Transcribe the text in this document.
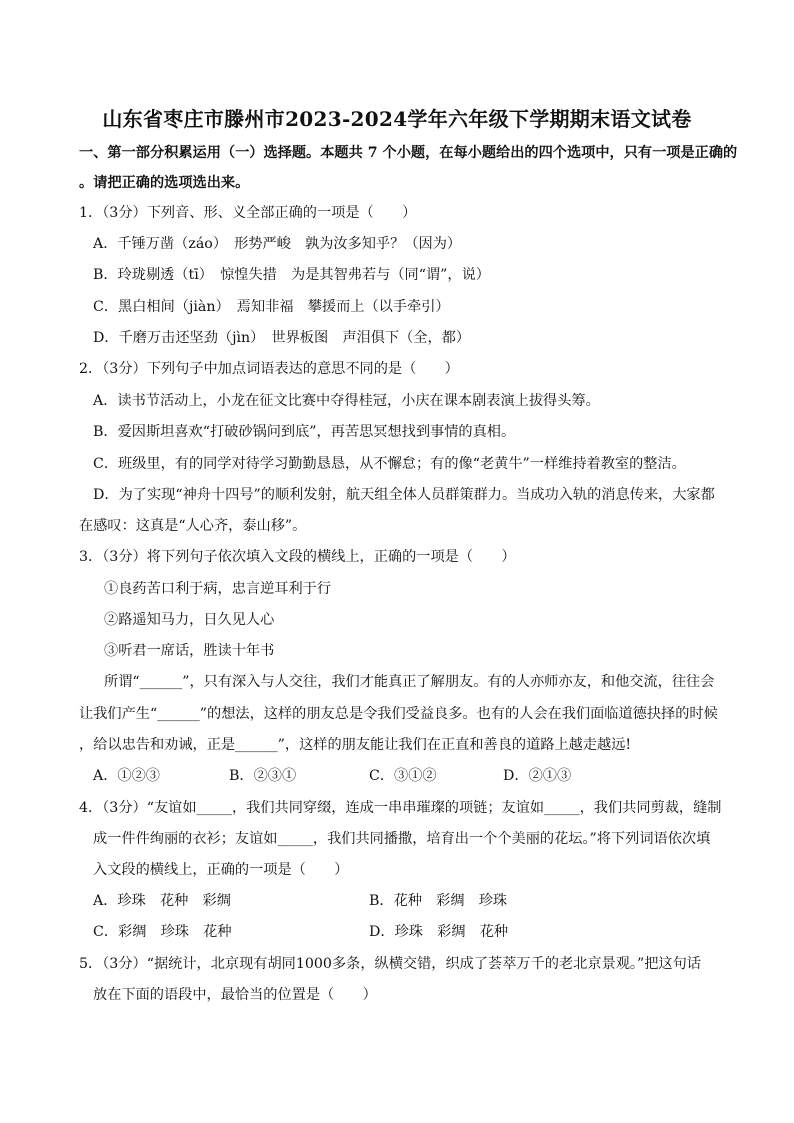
山东省枣庄市滕州市2023-2024学年六年级下学期期末语文试卷
一、第一部分积累运用（一）选择题。本题共 7 个小题，在每小题给出的四个选项中，只有一项是正确的
。请把正确的选项选出来。
1．（3分）下列音、形、义全部正确的一项是（　　）
A．千锤万凿（záo）　形势严峻　孰为汝多知乎？（因为）
B．玲珑剔透（tī）　惊惶失措　为是其智弗若与（同“谓”，说）
C．黑白相间（jiàn）　焉知非福　攀援而上（以手牵引）
D．千磨万击还坚劲（jìn）　世界板图　声泪俱下（全，都）
2．（3分）下列句子中加点词语表达的意思不同的是（　　）
A．读书节活动上，小龙在征文比赛中夺得桂冠，小庆在课本剧表演上拔得头筹。
B．爱因斯坦喜欢“打破砂锅问到底”，再苦思冥想找到事情的真相。
C．班级里，有的同学对待学习勤勤恳恳，从不懈怠；有的像“老黄牛”一样维持着教室的整洁。
D．为了实现“神舟十四号”的顺利发射，航天组全体人员群策群力。当成功入轨的消息传来，大家都
在感叹：这真是“人心齐，泰山移”。
3．（3分）将下列句子依次填入文段的横线上，正确的一项是（　　）
①良药苦口利于病，忠言逆耳利于行
②路遥知马力，日久见人心
③听君一席话，胜读十年书
所谓“______”，只有深入与人交往，我们才能真正了解朋友。有的人亦师亦友，和他交流，往往会
让我们产生“______”的想法，这样的朋友总是令我们受益良多。也有的人会在我们面临道德抉择的时候
，给以忠告和劝诫，正是______”，这样的朋友能让我们在正直和善良的道路上越走越远!
A．①②③	B．②③①	C．③①②	D．②①③
4．（3分）“友谊如_____，我们共同穿缀，连成一串串璀璨的项链；友谊如_____，我们共同剪裁，缝制
成一件件绚丽的衣衫；友谊如_____，我们共同播撒，培育出一个个美丽的花坛。”将下列词语依次填
入文段的横线上，正确的一项是（　　）
A．珍珠　花种　彩绸	B．花种　彩绸　珍珠
C．彩绸　珍珠　花种	D．珍珠　彩绸　花种
5．（3分）“据统计，北京现有胡同1000多条，纵横交错，织成了荟萃万千的老北京景观。”把这句话
放在下面的语段中，最恰当的位置是（　　）
